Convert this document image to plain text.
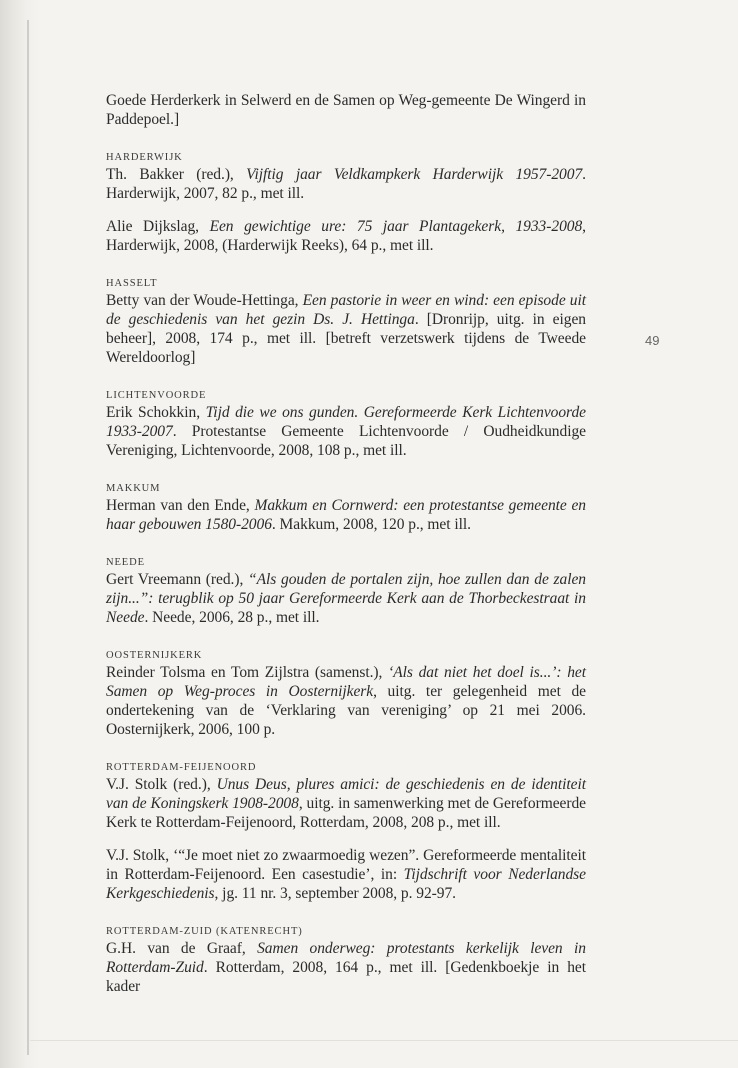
Goede Herderkerk in Selwerd en de Samen op Weg-gemeente De Wingerd in Paddepoel.]

HARDERWIJK

Th. Bakker (red.), Vijftig jaar Veldkampkerk Harderwijk 1957-2007. Harderwijk, 2007, 82 p., met ill.

Alie Dijkslag, Een gewichtige ure: 75 jaar Plantagekerk, 1933-2008, Harderwijk, 2008, (Harderwijk Reeks), 64 p., met ill.

HASSELT

Betty van der Woude-Hettinga, Een pastorie in weer en wind: een episode uit de geschiedenis van het gezin Ds. J. Hettinga. [Dronrijp, uitg. in eigen beheer], 2008, 174 p., met ill. [betreft verzetswerk tijdens de Tweede Wereldoorlog]

LICHTENVOORDE

Erik Schokkin, Tijd die we ons gunden. Gereformeerde Kerk Lichtenvoorde 1933-2007. Protestantse Gemeente Lichtenvoorde / Oudheidkundige Vereniging, Lichtenvoorde, 2008, 108 p., met ill.

MAKKUM

Herman van den Ende, Makkum en Cornwerd: een protestantse gemeente en haar gebouwen 1580-2006. Makkum, 2008, 120 p., met ill.

NEEDE

Gert Vreemann (red.), “Als gouden de portalen zijn, hoe zullen dan de zalen zijn...”: terugblik op 50 jaar Gereformeerde Kerk aan de Thorbeckestraat in Neede. Neede, 2006, 28 p., met ill.

OOSTERNIJKERK

Reinder Tolsma en Tom Zijlstra (samenst.), ‘Als dat niet het doel is...’: het Samen op Weg-proces in Oosternijkerk, uitg. ter gelegenheid met de ondertekening van de ‘Verklaring van vereniging’ op 21 mei 2006. Oosternijkerk, 2006, 100 p.

ROTTERDAM-FEIJENOORD

V.J. Stolk (red.), Unus Deus, plures amici: de geschiedenis en de identiteit van de Koningskerk 1908-2008, uitg. in samenwerking met de Gereformeerde Kerk te Rotterdam-Feijenoord, Rotterdam, 2008, 208 p., met ill.

V.J. Stolk, ‘“Je moet niet zo zwaarmoedig wezen”. Gereformeerde mentaliteit in Rotterdam-Feijenoord. Een casestudie’, in: Tijdschrift voor Nederlandse Kerkgeschiedenis, jg. 11 nr. 3, september 2008, p. 92-97.

ROTTERDAM-ZUID (KATENRECHT)

G.H. van de Graaf, Samen onderweg: protestants kerkelijk leven in Rotterdam-Zuid. Rotterdam, 2008, 164 p., met ill. [Gedenkboekje in het kader

49
